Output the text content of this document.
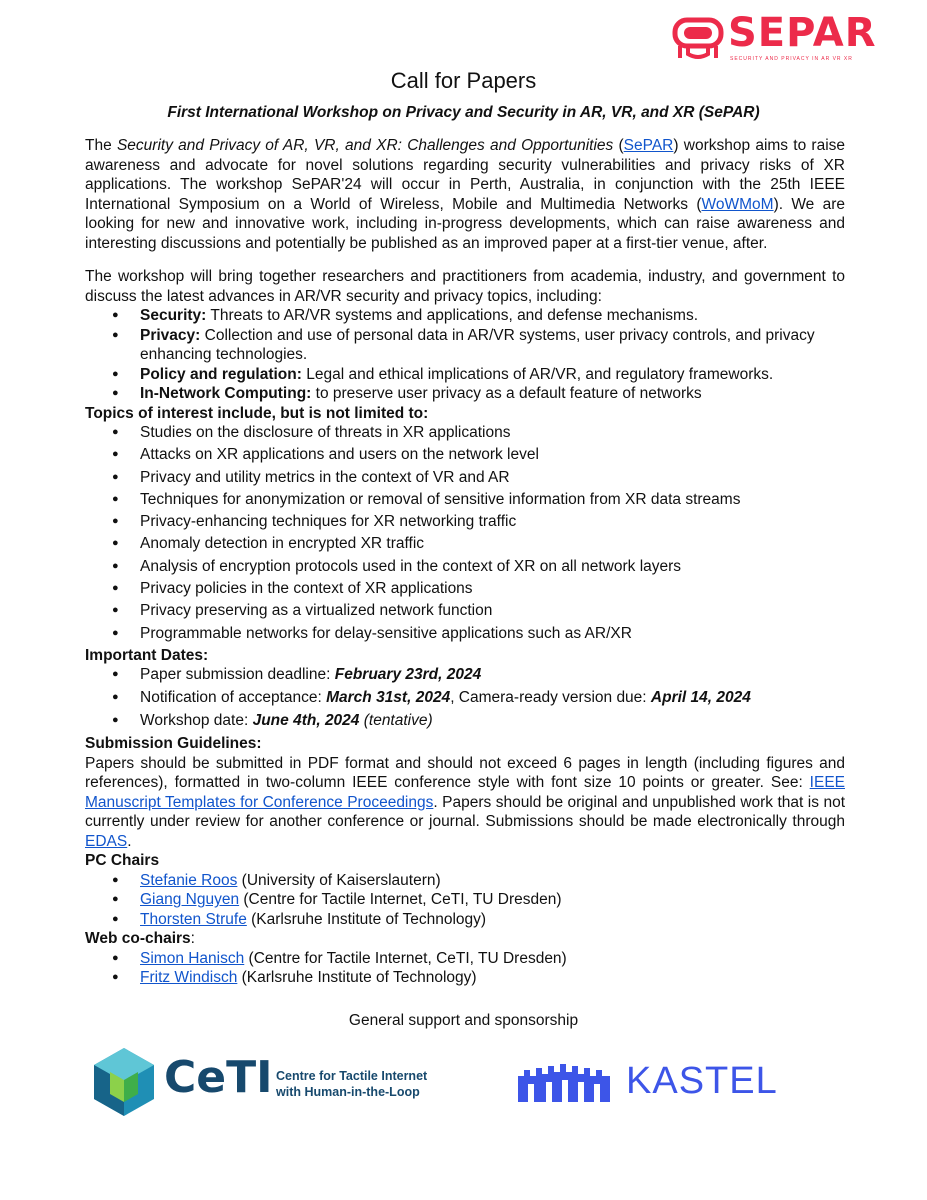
SEPAR
SECURITY AND PRIVACY IN AR VR XR
Call for Papers
First International Workshop on Privacy and Security in AR, VR, and XR (SePAR)

The Security and Privacy of AR, VR, and XR: Challenges and Opportunities (SePAR) workshop aims to raise awareness and advocate for novel solutions regarding security vulnerabilities and privacy risks of XR applications. The workshop SePAR'24 will occur in Perth, Australia, in conjunction with the 25th IEEE International Symposium on a World of Wireless, Mobile and Multimedia Networks (WoWMoM). We are looking for new and innovative work, including in-progress developments, which can raise awareness and interesting discussions and potentially be published as an improved paper at a first-tier venue, after.

The workshop will bring together researchers and practitioners from academia, industry, and government to discuss the latest advances in AR/VR security and privacy topics, including:

● Security: Threats to AR/VR systems and applications, and defense mechanisms.
● Privacy: Collection and use of personal data in AR/VR systems, user privacy controls, and privacy enhancing technologies.
● Policy and regulation: Legal and ethical implications of AR/VR, and regulatory frameworks.
● In-Network Computing: to preserve user privacy as a default feature of networks
Topics of interest include, but is not limited to:
● Studies on the disclosure of threats in XR applications
● Attacks on XR applications and users on the network level
● Privacy and utility metrics in the context of VR and AR
● Techniques for anonymization or removal of sensitive information from XR data streams
● Privacy-enhancing techniques for XR networking traffic
● Anomaly detection in encrypted XR traffic
● Analysis of encryption protocols used in the context of XR on all network layers
● Privacy policies in the context of XR applications
● Privacy preserving as a virtualized network function
● Programmable networks for delay-sensitive applications such as AR/XR
Important Dates:
● Paper submission deadline: February 23rd, 2024
● Notification of acceptance: March 31st, 2024, Camera-ready version due: April 14, 2024
● Workshop date: June 4th, 2024 (tentative)
Submission Guidelines:

Papers should be submitted in PDF format and should not exceed 6 pages in length (including figures and references), formatted in two-column IEEE conference style with font size 10 points or greater. See: IEEE Manuscript Templates for Conference Proceedings. Papers should be original and unpublished work that is not currently under review for another conference or journal. Submissions should be made electronically through EDAS.

PC Chairs
● Stefanie Roos (University of Kaiserslautern)
● Giang Nguyen (Centre for Tactile Internet, CeTI, TU Dresden)
● Thorsten Strufe (Karlsruhe Institute of Technology)
Web co-chairs:
● Simon Hanisch (Centre for Tactile Internet, CeTI, TU Dresden)
● Fritz Windisch (Karlsruhe Institute of Technology)
General support and sponsorship
CeTI Centre for Tactile Internet
with Human-in-the-Loop	KASTEL
